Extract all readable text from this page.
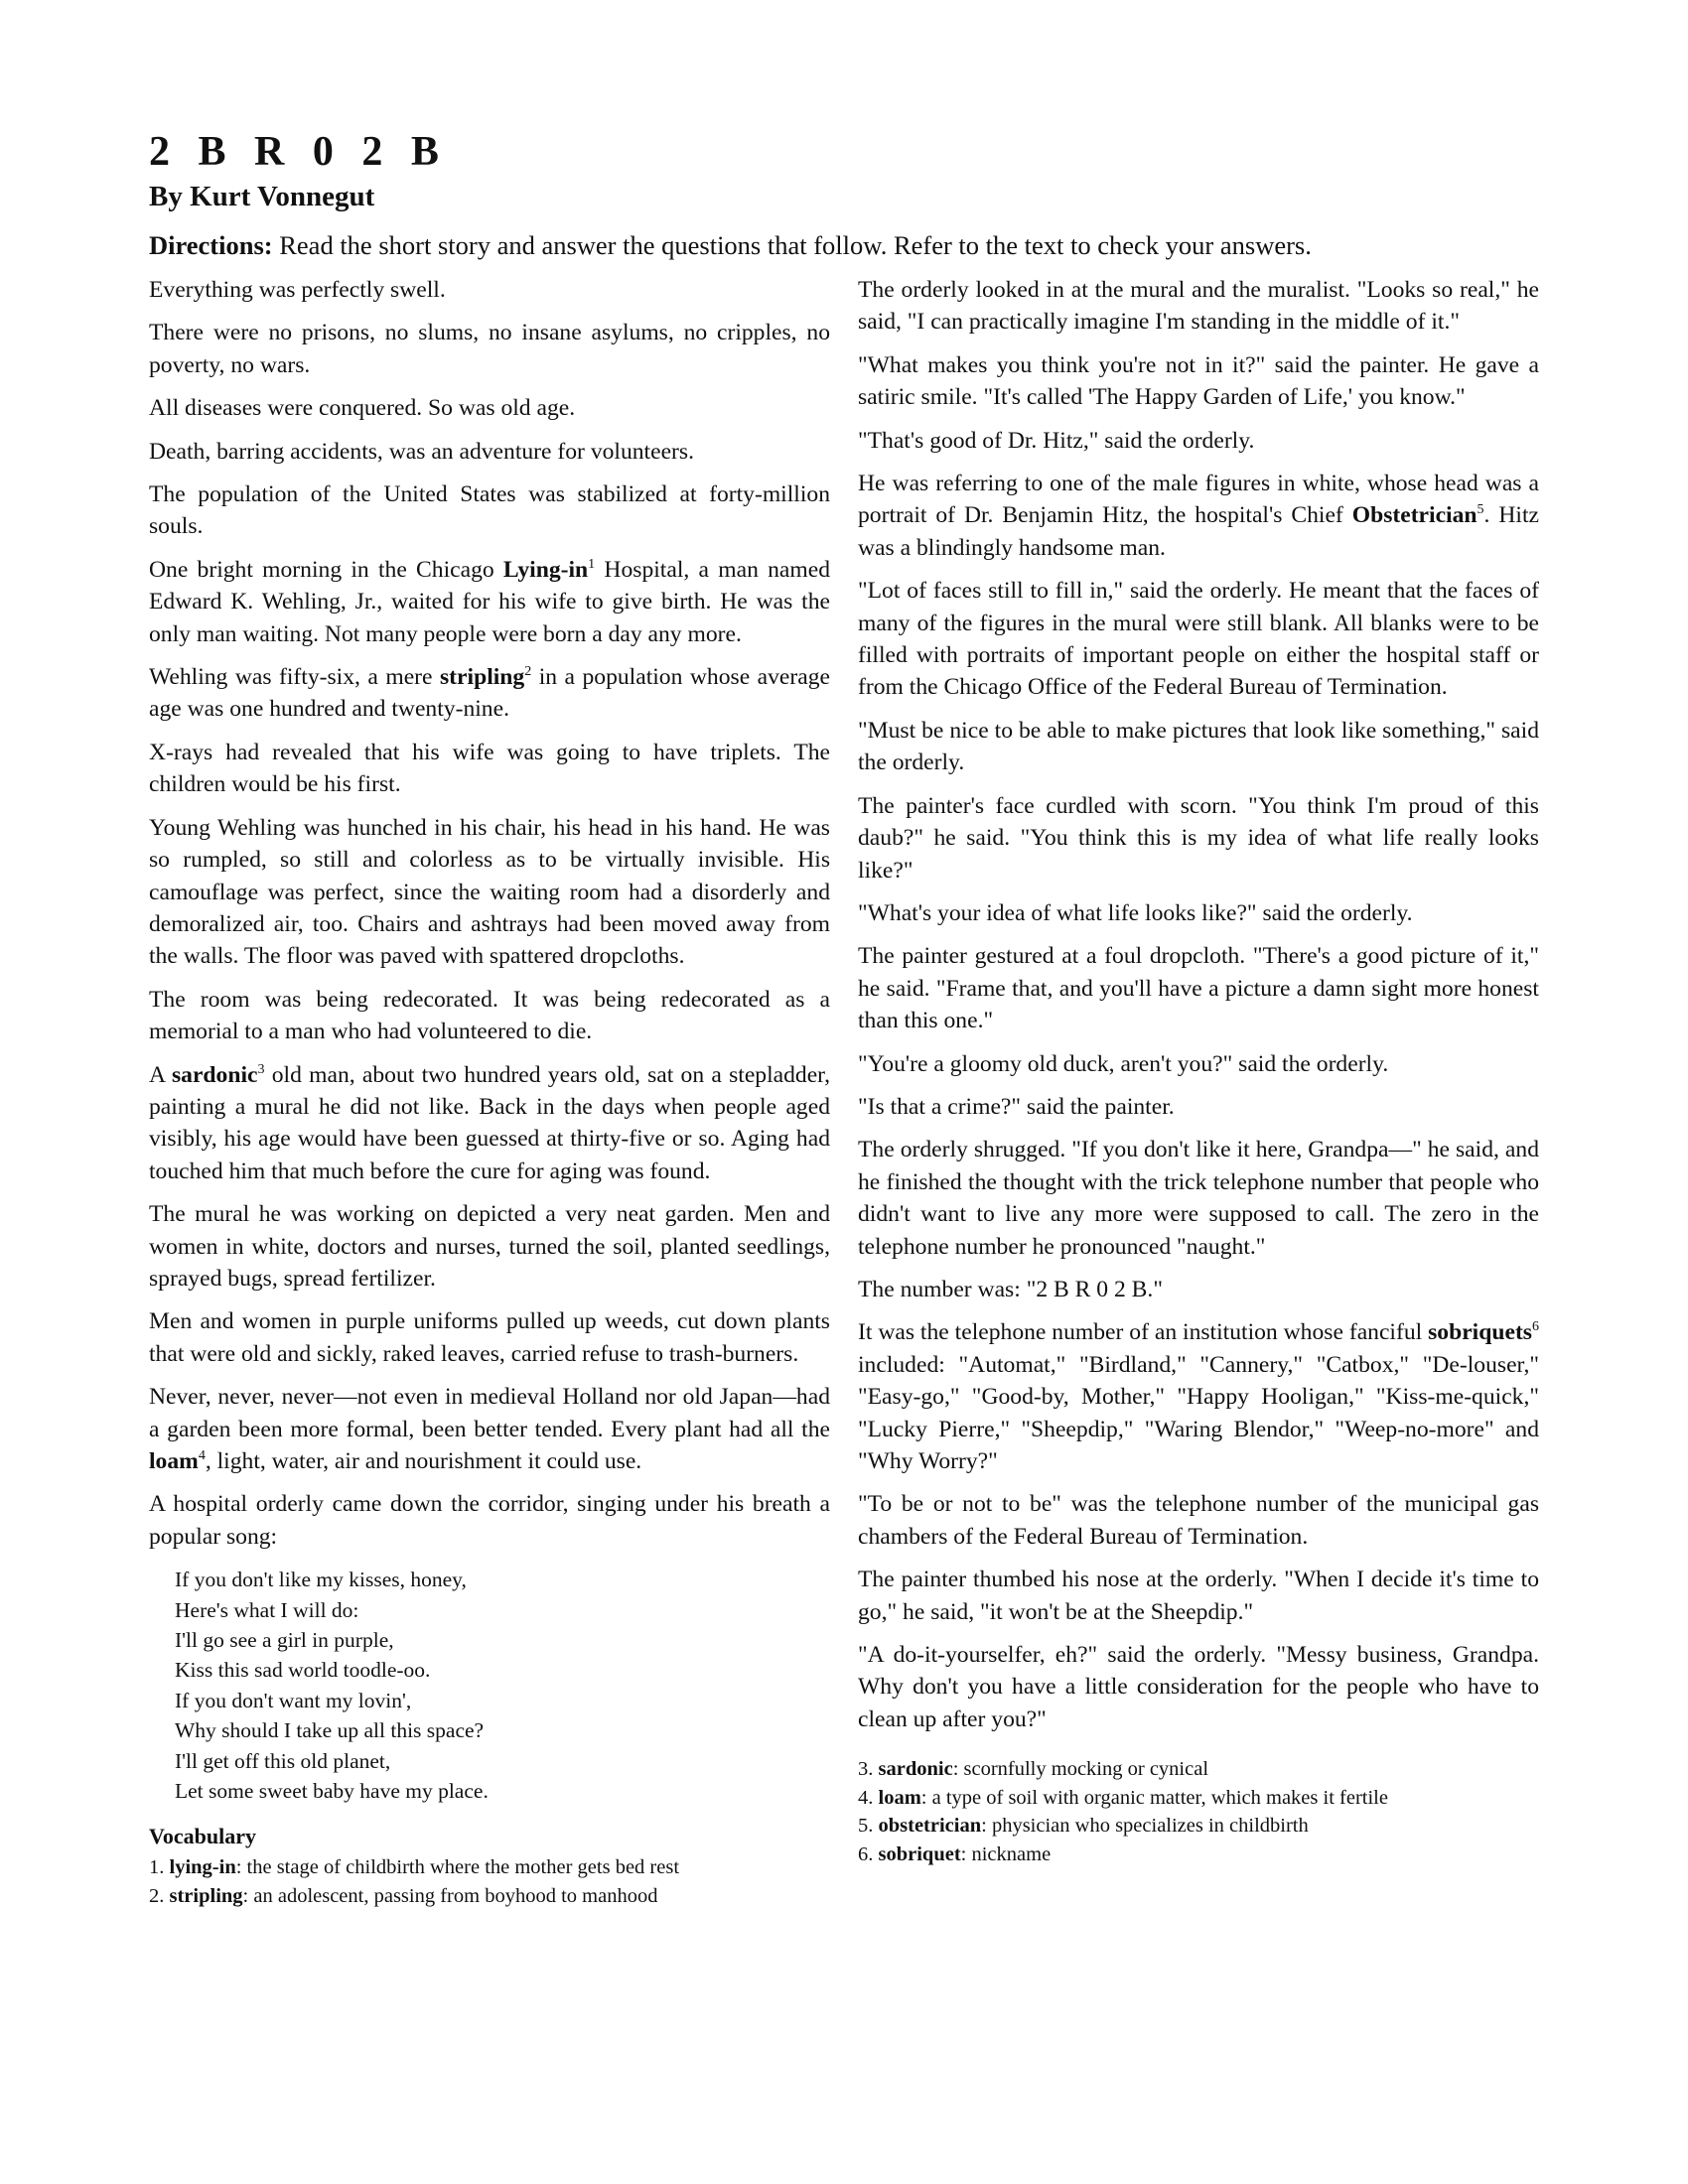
2 B R 0 2 B
By Kurt Vonnegut
Directions: Read the short story and answer the questions that follow. Refer to the text to check your answers.

Everything was perfectly swell.

There were no prisons, no slums, no insane asylums, no cripples, no poverty, no wars.

All diseases were conquered. So was old age.

Death, barring accidents, was an adventure for volunteers.

The population of the United States was stabilized at forty-million souls.

One bright morning in the Chicago Lying-$in^1$ Hospital, a man named Edward K. Wehling, Jr., waited for his wife to give birth. He was the only man waiting. Not many people were born a day any more.

Wehling was fifty-six, a mere stripling$^2$ in a population whose average age was one hundred and twenty-nine.

X-rays had revealed that his wife was going to have triplets. The children would be his first.

Young Wehling was hunched in his chair, his head in his hand. He was so rumpled, so still and colorless as to be virtually invisible. His camouflage was perfect, since the waiting room had a disorderly and demoralized air, too. Chairs and ashtrays had been moved away from the walls. The floor was paved with spattered dropcloths.

The room was being redecorated. It was being redecorated as a memorial to a man who had volunteered to die.

A sardonic$^3$ old man, about two hundred years old, sat on a stepladder, painting a mural he did not like. Back in the days when people aged visibly, his age would have been guessed at thirty-five or so. Aging had touched him that much before the cure for aging was found.

The mural he was working on depicted a very neat garden. Men and women in white, doctors and nurses, turned the soil, planted seedlings, sprayed bugs, spread fertilizer.

Men and women in purple uniforms pulled up weeds, cut down plants that were old and sickly, raked leaves, carried refuse to trash-burners.

Never, never, never—not even in medieval Holland nor old Japan—had a garden been more formal, been better tended. Every plant had all the loam$^4$, light, water, air and nourishment it could use.

A hospital orderly came down the corridor, singing under his breath a popular song:

If you don't like my kisses, honey,
Here's what I will do:
I'll go see a girl in purple,
Kiss this sad world toodle-oo.
If you don't want my lovin',
Why should I take up all this space?
I'll get off this old planet,
Let some sweet baby have my place.
Vocabulary
1. lying-in: the stage of childbirth where the mother gets bed rest
2. stripling: an adolescent, passing from boyhood to manhood

The orderly looked in at the mural and the muralist. "Looks so real," he said, "I can practically imagine I'm standing in the middle of it."

"What makes you think you're not in it?" said the painter. He gave a satiric smile. "It's called 'The Happy Garden of Life,' you know."

"That's good of Dr. Hitz," said the orderly.

He was referring to one of the male figures in white, whose head was a portrait of Dr. Benjamin Hitz, the hospital's Chief Obstetrician$^5$. Hitz was a blindingly handsome man.

"Lot of faces still to fill in," said the orderly. He meant that the faces of many of the figures in the mural were still blank. All blanks were to be filled with portraits of important people on either the hospital staff or from the Chicago Office of the Federal Bureau of Termination.

"Must be nice to be able to make pictures that look like something," said the orderly.

The painter's face curdled with scorn. "You think I'm proud of this daub?" he said. "You think this is my idea of what life really looks like?"

"What's your idea of what life looks like?" said the orderly.

The painter gestured at a foul dropcloth. "There's a good picture of it," he said. "Frame that, and you'll have a picture a damn sight more honest than this one."

"You're a gloomy old duck, aren't you?" said the orderly.

"Is that a crime?" said the painter.

The orderly shrugged. "If you don't like it here, Grandpa—" he said, and he finished the thought with the trick telephone number that people who didn't want to live any more were supposed to call. The zero in the telephone number he pronounced "naught."

The number was: "2 B R 0 2 B."

It was the telephone number of an institution whose fanciful sobriquets$^6$ included: "Automat," "Birdland," "Cannery," "Catbox," "De-louser," "Easy-go," "Good-by, Mother," "Happy Hooligan," "Kiss-me-quick," "Lucky Pierre," "Sheepdip," "Waring Blendor," "Weep-no-more" and "Why Worry?"

"To be or not to be" was the telephone number of the municipal gas chambers of the Federal Bureau of Termination.

The painter thumbed his nose at the orderly. "When I decide it's time to go," he said, "it won't be at the Sheepdip."

"A do-it-yourselfer, eh?" said the orderly. "Messy business, Grandpa. Why don't you have a little consideration for the people who have to clean up after you?"

3. sardonic: scornfully mocking or cynical
4. loam: a type of soil with organic matter, which makes it fertile
5. obstetrician: physician who specializes in childbirth
6. sobriquet: nickname
